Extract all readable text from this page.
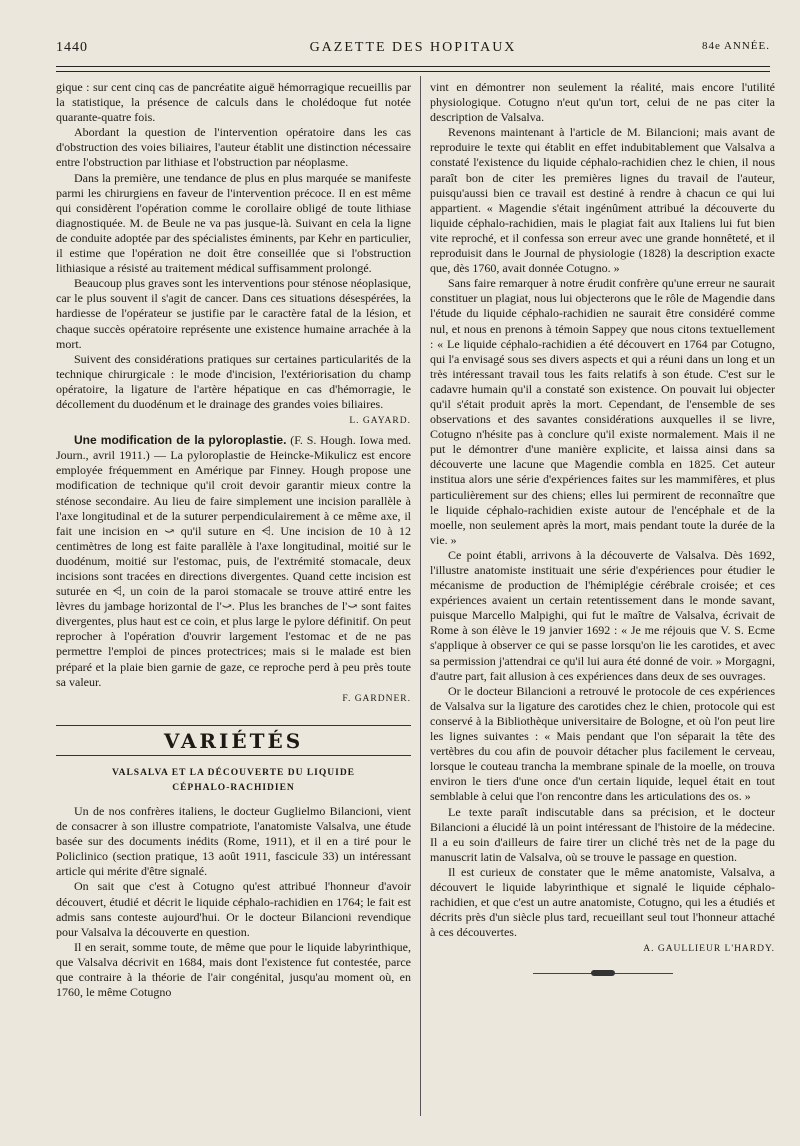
1440	GAZETTE DES HOPITAUX	84e ANNÉE.

gique : sur cent cinq cas de pancréatite aiguë hémorragique recueillis par la statistique, la présence de calculs dans le cholédoque fut notée quarante-quatre fois.

Abordant la question de l'intervention opératoire dans les cas d'obstruction des voies biliaires, l'auteur établit une distinction nécessaire entre l'obstruction par lithiase et l'obstruction par néoplasme.

Dans la première, une tendance de plus en plus marquée se manifeste parmi les chirurgiens en faveur de l'intervention précoce. Il en est même qui considèrent l'opération comme le corollaire obligé de toute lithiase diagnostiquée. M. de Beule ne va pas jusque-là. Suivant en cela la ligne de conduite adoptée par des spécialistes éminents, par Kehr en particulier, il estime que l'opération ne doit être conseillée que si l'obstruction lithiasique a résisté au traitement médical suffisamment prolongé.

Beaucoup plus graves sont les interventions pour sténose néoplasique, car le plus souvent il s'agit de cancer. Dans ces situations désespérées, la hardiesse de l'opérateur se justifie par le caractère fatal de la lésion, et chaque succès opératoire représente une existence humaine arrachée à la mort.

Suivent des considérations pratiques sur certaines particularités de la technique chirurgicale : le mode d'incision, l'extériorisation du champ opératoire, la ligature de l'artère hépatique en cas d'hémorragie, le décollement du duodénum et le drainage des grandes voies biliaires.

L. GAYARD.

Une modification de la pyloroplastie. (F. S. Hough. Iowa med. Journ., avril 1911.) — La pyloroplastie de Heincke-Mikulicz est encore employée fréquemment en Amérique par Finney. Hough propose une modification de technique qu'il croit devoir garantir mieux contre la sténose secondaire. Au lieu de faire simplement une incision parallèle à l'axe longitudinal et de la suturer perpendiculairement à ce même axe, il fait une incision en ⤻ qu'il suture en ⩤. Une incision de 10 à 12 centimètres de long est faite parallèle à l'axe longitudinal, moitié sur le duodénum, moitié sur l'estomac, puis, de l'extrémité stomacale, deux incisions sont tracées en directions divergentes. Quand cette incision est suturée en ⩤, un coin de la paroi stomacale se trouve attiré entre les lèvres du jambage horizontal de l'⤻. Plus les branches de l'⤻ sont faites divergentes, plus haut est ce coin, et plus large le pylore définitif. On peut reprocher à l'opération d'ouvrir largement l'estomac et de ne pas permettre l'emploi de pinces protectrices; mais si le malade est bien préparé et la plaie bien garnie de gaze, ce reproche perd à peu près toute sa valeur.

F. GARDNER.
VARIÉTÉS
VALSALVA ET LA DÉCOUVERTE DU LIQUIDE
CÉPHALO-RACHIDIEN

Un de nos confrères italiens, le docteur Guglielmo Bilancioni, vient de consacrer à son illustre compatriote, l'anatomiste Valsalva, une étude basée sur des documents inédits (Rome, 1911), et il en a tiré pour le Policlinico (section pratique, 13 août 1911, fascicule 33) un intéressant article qui mérite d'être signalé.

On sait que c'est à Cotugno qu'est attribué l'honneur d'avoir découvert, étudié et décrit le liquide céphalo-rachidien en 1764; le fait est admis sans conteste aujourd'hui. Or le docteur Bilancioni revendique pour Valsalva la découverte en question.

Il en serait, somme toute, de même que pour le liquide labyrinthique, que Valsalva décrivit en 1684, mais dont l'existence fut contestée, parce que contraire à la théorie de l'air congénital, jusqu'au moment où, en 1760, le même Cotugno

vint en démontrer non seulement la réalité, mais encore l'utilité physiologique. Cotugno n'eut qu'un tort, celui de ne pas citer la description de Valsalva.

Revenons maintenant à l'article de M. Bilancioni; mais avant de reproduire le texte qui établit en effet indubitablement que Valsalva a constaté l'existence du liquide céphalo-rachidien chez le chien, il nous paraît bon de citer les premières lignes du travail de l'auteur, puisqu'aussi bien ce travail est destiné à rendre à chacun ce qui lui appartient. « Magendie s'était ingénûment attribué la découverte du liquide céphalo-rachidien, mais le plagiat fait aux Italiens lui fut bien vite reproché, et il confessa son erreur avec une grande honnêteté, et il reproduisit dans le Journal de physiologie (1828) la description exacte que, dès 1760, avait donnée Cotugno. »

Sans faire remarquer à notre érudit confrère qu'une erreur ne saurait constituer un plagiat, nous lui objecterons que le rôle de Magendie dans l'étude du liquide céphalo-rachidien ne saurait être considéré comme nul, et nous en prenons à témoin Sappey que nous citons textuellement : « Le liquide céphalo-rachidien a été découvert en 1764 par Cotugno, qui l'a envisagé sous ses divers aspects et qui a réuni dans un long et un très intéressant travail tous les faits relatifs à son étude. C'est sur le cadavre humain qu'il a constaté son existence. On pouvait lui objecter qu'il s'était produit après la mort. Cependant, de l'ensemble de ses observations et des savantes considérations auxquelles il se livre, Cotugno n'hésite pas à conclure qu'il existe normalement. Mais il ne put le démontrer d'une manière explicite, et laissa ainsi dans sa découverte une lacune que Magendie combla en 1825. Cet auteur institua alors une série d'expériences faites sur les mammifères, et plus particulièrement sur des chiens; elles lui permirent de reconnaître que le liquide céphalo-rachidien existe autour de l'encéphale et de la moelle, non seulement après la mort, mais pendant toute la durée de la vie. »

Ce point établi, arrivons à la découverte de Valsalva. Dès 1692, l'illustre anatomiste instituait une série d'expériences pour étudier le mécanisme de production de l'hémiplégie cérébrale croisée; et ces expériences avaient un certain retentissement dans le monde savant, puisque Marcello Malpighi, qui fut le maître de Valsalva, écrivait de Rome à son élève le 19 janvier 1692 : « Je me réjouis que V. S. Ecme s'applique à observer ce qui se passe lorsqu'on lie les carotides, et avec sa permission j'attendrai ce qu'il lui aura été donné de voir. » Morgagni, d'autre part, fait allusion à ces expériences dans deux de ses ouvrages.

Or le docteur Bilancioni a retrouvé le protocole de ces expériences de Valsalva sur la ligature des carotides chez le chien, protocole qui est conservé à la Bibliothèque universitaire de Bologne, et où l'on peut lire les lignes suivantes : « Mais pendant que l'on séparait la tête des vertèbres du cou afin de pouvoir détacher plus facilement le cerveau, lorsque le couteau trancha la membrane spinale de la moelle, on trouva environ le tiers d'une once d'un certain liquide, lequel était en tout semblable à celui que l'on rencontre dans les articulations des os. »

Le texte paraît indiscutable dans sa précision, et le docteur Bilancioni a élucidé là un point intéressant de l'histoire de la médecine. Il a eu soin d'ailleurs de faire tirer un cliché très net de la page du manuscrit latin de Valsalva, où se trouve le passage en question.

Il est curieux de constater que le même anatomiste, Valsalva, a découvert le liquide labyrinthique et signalé le liquide céphalo-rachidien, et que c'est un autre anatomiste, Cotugno, qui les a étudiés et décrits près d'un siècle plus tard, recueillant seul tout l'honneur attaché à ces découvertes.

A. GAULLIEUR L'HARDY.
